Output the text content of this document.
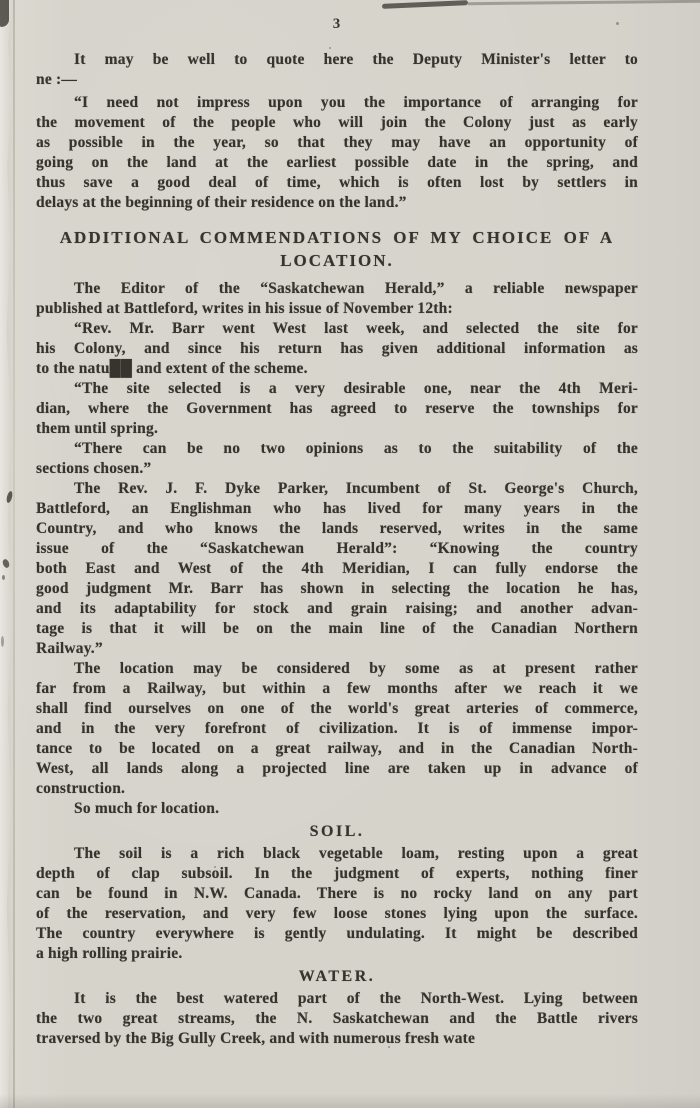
3
It may be well to quote here the Deputy Minister's letter to
ne :—
“I need not impress upon you the importance of arranging for
the movement of the people who will join the Colony just as early
as possible in the year, so that they may have an opportunity of
going on the land at the earliest possible date in the spring, and
thus save a good deal of time, which is often lost by settlers in
delays at the beginning of their residence on the land.”
ADDITIONAL COMMENDATIONS OF MY CHOICE OF A
LOCATION.
The Editor of the “Saskatchewan Herald,” a reliable newspaper
published at Battleford, writes in his issue of November 12th:
“Rev. Mr. Barr went West last week, and selected the site for
his Colony, and since his return has given additional information as
to the natu██ and extent of the scheme.
“The site selected is a very desirable one, near the 4th Meri-
dian, where the Government has agreed to reserve the townships for
them until spring.
“There can be no two opinions as to the suitability of the
sections chosen.”
The Rev. J. F. Dyke Parker, Incumbent of St. George's Church,
Battleford, an Englishman who has lived for many years in the
Country, and who knows the lands reserved, writes in the same
issue of the “Saskatchewan Herald”: “Knowing the country
both East and West of the 4th Meridian, I can fully endorse the
good judgment Mr. Barr has shown in selecting the location he has,
and its adaptability for stock and grain raising; and another advan-
tage is that it will be on the main line of the Canadian Northern
Railway.”
The location may be considered by some as at present rather
far from a Railway, but within a few months after we reach it we
shall find ourselves on one of the world's great arteries of commerce,
and in the very forefront of civilization. It is of immense impor-
tance to be located on a great railway, and in the Canadian North-
West, all lands along a projected line are taken up in advance of
construction.
So much for location.
SOIL.
The soil is a rich black vegetable loam, resting upon a great
depth of clap subsoil. In the judgment of experts, nothing finer
can be found in N.W. Canada. There is no rocky land on any part
of the reservation, and very few loose stones lying upon the surface.
The country everywhere is gently undulating. It might be described
a high rolling prairie.
WATER.
It is the best watered part of the North-West. Lying between
the two great streams, the N. Saskatchewan and the Battle rivers
traversed by the Big Gully Creek, and with numerous fresh wate
